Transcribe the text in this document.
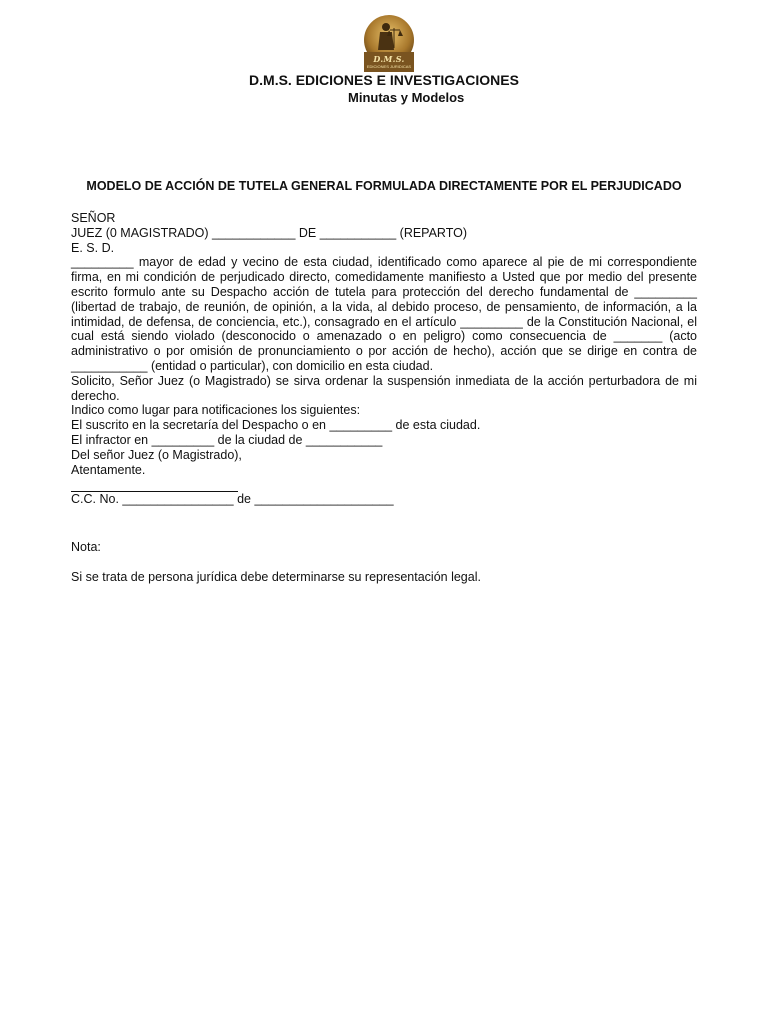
D.M.S.
EDICIONES JURIDICAS
D.M.S. EDICIONES E INVESTIGACIONES
Minutas y Modelos
MODELO DE ACCIÓN DE TUTELA GENERAL FORMULADA DIRECTAMENTE POR EL PERJUDICADO
SEÑOR
JUEZ (0 MAGISTRADO) ____________ DE ___________ (REPARTO)
E. S. D.
_________ mayor de edad y vecino de esta ciudad, identificado como aparece al pie de mi correspondiente firma, en mi condición de perjudicado directo, comedidamente manifiesto a Usted que por medio del presente escrito formulo ante su Despacho acción de tutela para protección del derecho fundamental de _________ (libertad de trabajo, de reunión, de opinión, a la vida, al debido proceso, de pensamiento, de información, a la intimidad, de defensa, de conciencia, etc.), consagrado en el artículo _________ de la Constitución Nacional, el cual está siendo violado (desconocido o amenazado o en peligro) como consecuencia de _______ (acto administrativo o por omisión de pronunciamiento o por acción de hecho), acción que se dirige en contra de ___________ (entidad o particular), con domicilio en esta ciudad.
Solicito, Señor Juez (o Magistrado) se sirva ordenar la suspensión inmediata de la acción perturbadora de mi derecho.
Indico como lugar para notificaciones los siguientes:
El suscrito en la secretaría del Despacho o en _________ de esta ciudad.
El infractor en _________ de la ciudad de ___________
Del señor Juez (o Magistrado),
Atentamente.
C.C. No. ________________ de ____________________
Nota:
Si se trata de persona jurídica debe determinarse su representación legal.
